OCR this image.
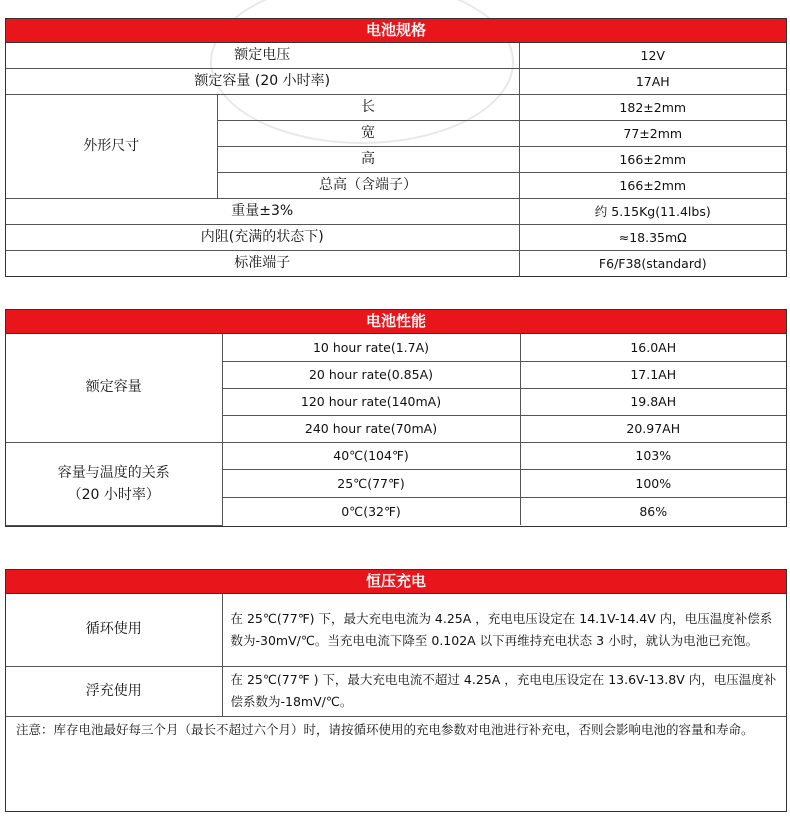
电池规格
额定电压		12V
额定容量 (20 小时率)		17AH
外形尺寸	长	182±2mm
	宽	77±2mm
	高	166±2mm
	总高（含端子）	166±2mm
重量±3%		约 5.15Kg(11.4lbs)
内阻(充满的状态下)		≈18.35mΩ
标准端子		F6/F38(standard)
电池性能
额定容量	10 hour rate(1.7A)	16.0AH
	20 hour rate(0.85A)	17.1AH
	120 hour rate(140mA)	19.8AH
	240 hour rate(70mA)	20.97AH

容量与温度的关系
（20 小时率）	40℃(104℉)	103%
	25℃(77℉)	100%
	0℃(32℉)	86%
恒压充电
循环使用	在 25℃(77℉) 下，最大充电电流为 4.25A ，充电电压设定在 14.1V-14.4V 内，电压温度补偿系数为-30mV/℃。当充电电流下降至 0.102A 以下再维持充电状态 3 小时，就认为电池已充饱。
浮充使用	在 25℃(77℉ ) 下，最大充电电流不超过 4.25A ，充电电压设定在 13.6V-13.8V 内，电压温度补偿系数为-18mV/℃。
注意：库存电池最好每三个月（最长不超过六个月）时，请按循环使用的充电参数对电池进行补充电，否则会影响电池的容量和寿命。
